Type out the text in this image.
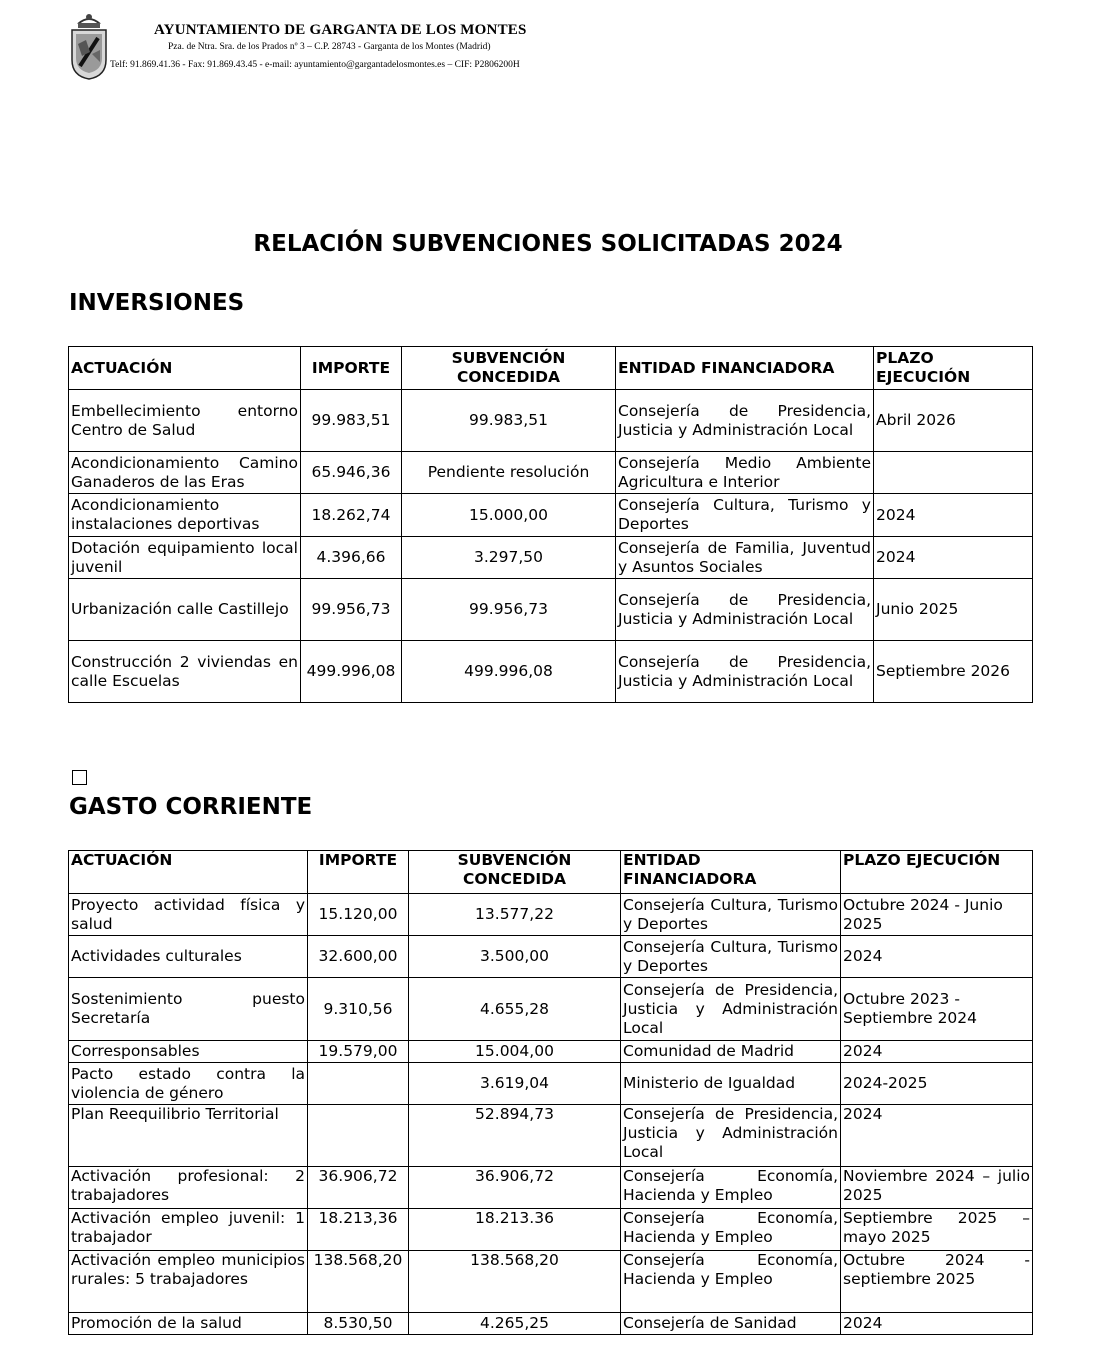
AYUNTAMIENTO DE GARGANTA DE LOS MONTES
Pza. de Ntra. Sra. de los Prados nº 3 – C.P. 28743 - Garganta de los Montes (Madrid)
Telf: 91.869.41.36 - Fax: 91.869.43.45 - e-mail: ayuntamiento@gargantadelosmontes.es – CIF: P2806200H
RELACIÓN SUBVENCIONES SOLICITADAS 2024
INVERSIONES
ACTUACIÓN	IMPORTE	SUBVENCIÓN CONCEDIDA	ENTIDAD FINANCIADORA	PLAZO EJECUCIÓN
Embellecimiento entorno Centro de Salud	99.983,51	99.983,51	Consejería de Presidencia, Justicia y Administración Local	Abril 2026
Acondicionamiento Camino Ganaderos de las Eras	65.946,36	Pendiente resolución	Consejería Medio Ambiente Agricultura e Interior	
Acondicionamiento instalaciones deportivas	18.262,74	15.000,00	Consejería Cultura, Turismo y Deportes	2024
Dotación equipamiento local juvenil	4.396,66	3.297,50	Consejería de Familia, Juventud y Asuntos Sociales	2024
Urbanización calle Castillejo	99.956,73	99.956,73	Consejería de Presidencia, Justicia y Administración Local	Junio 2025
Construcción 2 viviendas en calle Escuelas	499.996,08	499.996,08	Consejería de Presidencia, Justicia y Administración Local	Septiembre 2026
GASTO CORRIENTE
ACTUACIÓN	IMPORTE	SUBVENCIÓN CONCEDIDA	ENTIDAD FINANCIADORA	PLAZO EJECUCIÓN
Proyecto actividad física y salud	15.120,00	13.577,22	Consejería Cultura, Turismo y Deportes	Octubre 2024 - Junio 2025
Actividades culturales	32.600,00	3.500,00	Consejería Cultura, Turismo y Deportes	2024
Sostenimiento puesto Secretaría	9.310,56	4.655,28	Consejería de Presidencia, Justicia y Administración Local	Octubre 2023 - Septiembre 2024
Corresponsables	19.579,00	15.004,00	Comunidad de Madrid	2024
Pacto estado contra la violencia de género		3.619,04	Ministerio de Igualdad	2024-2025
Plan Reequilibrio Territorial		52.894,73	Consejería de Presidencia, Justicia y Administración Local	2024
Activación profesional: 2 trabajadores	36.906,72	36.906,72	Consejería Economía, Hacienda y Empleo	Noviembre 2024 – julio 2025
Activación empleo juvenil: 1 trabajador	18.213,36	18.213.36	Consejería Economía, Hacienda y Empleo	Septiembre 2025 – mayo 2025
Activación empleo municipios rurales: 5 trabajadores	138.568,20	138.568,20	Consejería Economía, Hacienda y Empleo	Octubre 2024 - septiembre 2025
Promoción de la salud	8.530,50	4.265,25	Consejería de Sanidad	2024
